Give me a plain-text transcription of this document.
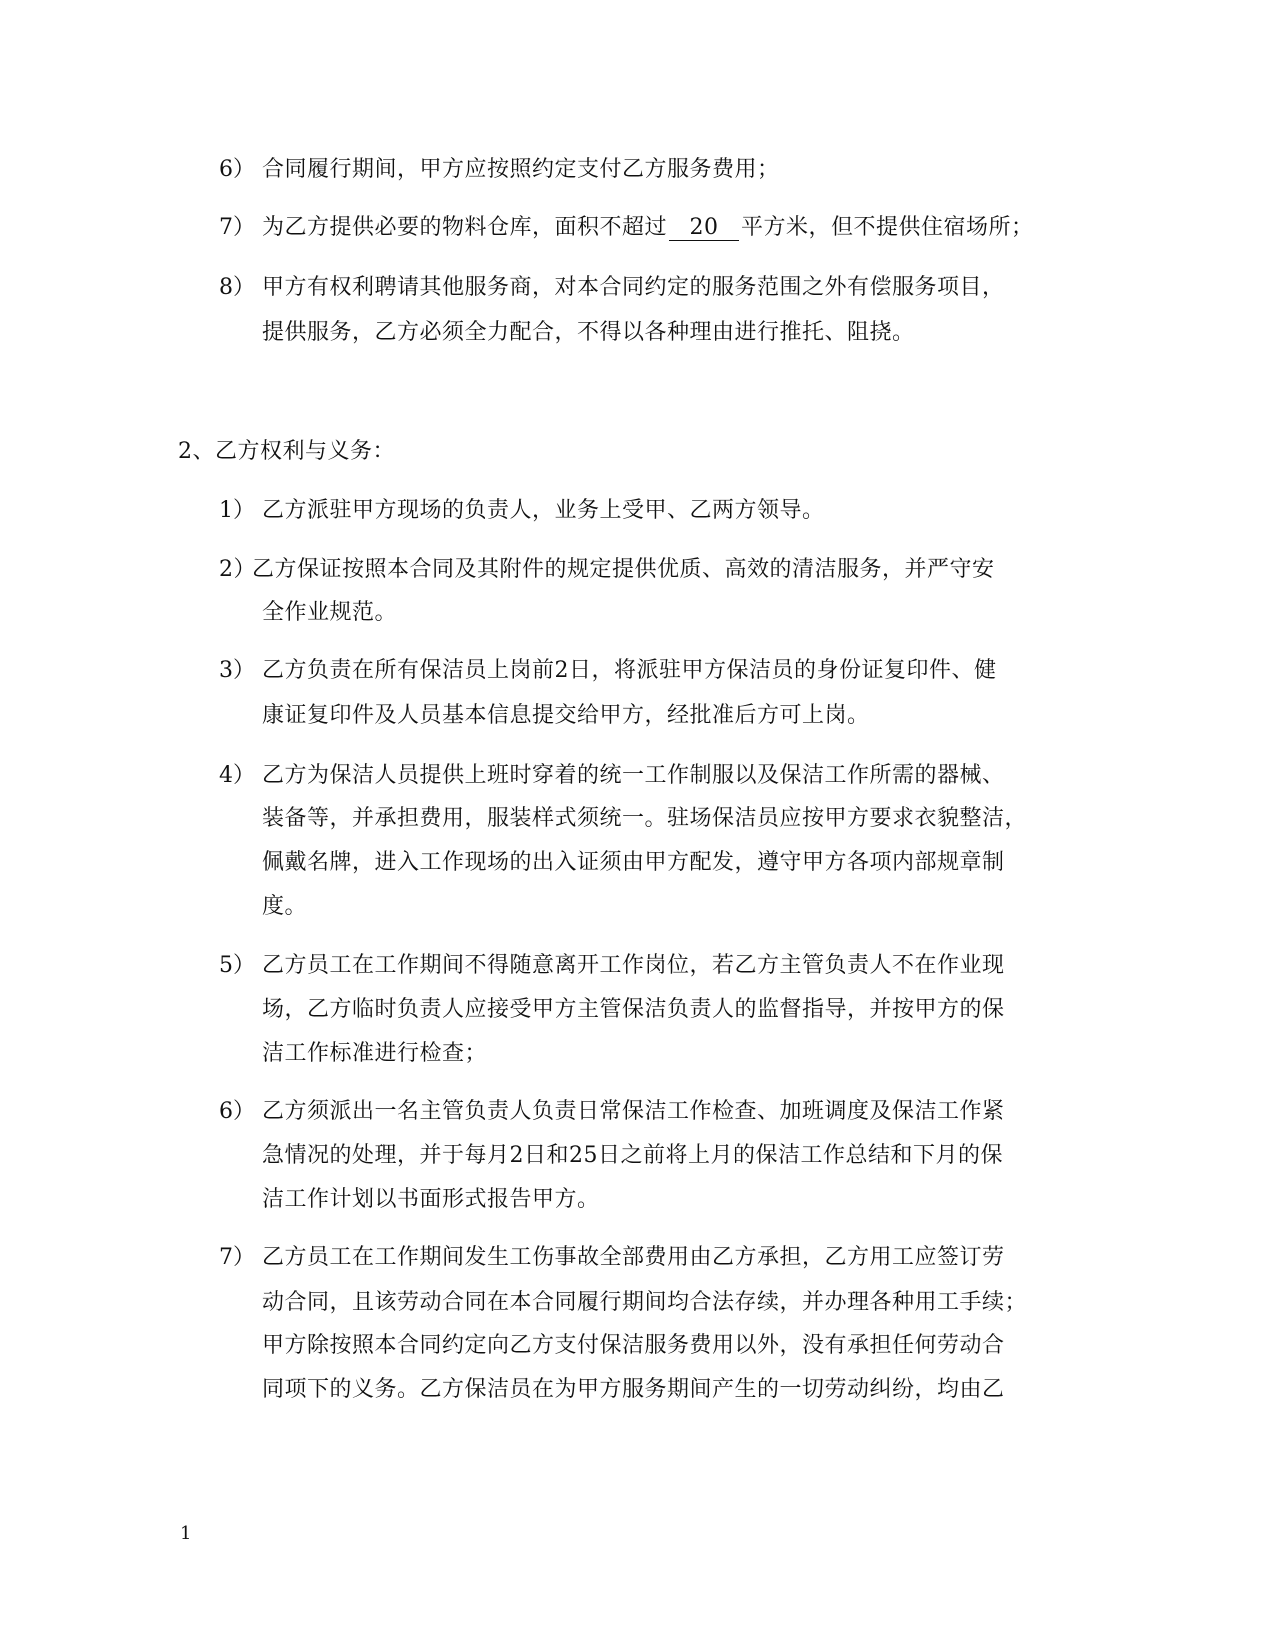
6） 合同履行期间，甲方应按照约定支付乙方服务费用；
7） 为乙方提供必要的物料仓库，面积不超过 20 平方米，但不提供住宿场所；
8） 甲方有权利聘请其他服务商，对本合同约定的服务范围之外有偿服务项目，
提供服务，乙方必须全力配合，不得以各种理由进行推托、阻挠。
2、乙方权利与义务：
1） 乙方派驻甲方现场的负责人，业务上受甲、乙两方领导。
2）
乙方保证按照本合同及其附件的规定提供优质、高效的清洁服务，并严守安
全作业规范。
3） 乙方负责在所有保洁员上岗前2日，将派驻甲方保洁员的身份证复印件、健
康证复印件及人员基本信息提交给甲方，经批准后方可上岗。
4） 乙方为保洁人员提供上班时穿着的统一工作制服以及保洁工作所需的器械、
装备等，并承担费用，服装样式须统一。驻场保洁员应按甲方要求衣貌整洁，
佩戴名牌，进入工作现场的出入证须由甲方配发，遵守甲方各项内部规章制
度。
5） 乙方员工在工作期间不得随意离开工作岗位，若乙方主管负责人不在作业现
场，乙方临时负责人应接受甲方主管保洁负责人的监督指导，并按甲方的保
洁工作标准进行检查；
6） 乙方须派出一名主管负责人负责日常保洁工作检查、加班调度及保洁工作紧
急情况的处理，并于每月2日和25日之前将上月的保洁工作总结和下月的保
洁工作计划以书面形式报告甲方。
7） 乙方员工在工作期间发生工伤事故全部费用由乙方承担，乙方用工应签订劳
动合同，且该劳动合同在本合同履行期间均合法存续，并办理各种用工手续；
甲方除按照本合同约定向乙方支付保洁服务费用以外，没有承担任何劳动合
同项下的义务。乙方保洁员在为甲方服务期间产生的一切劳动纠纷，均由乙
1
